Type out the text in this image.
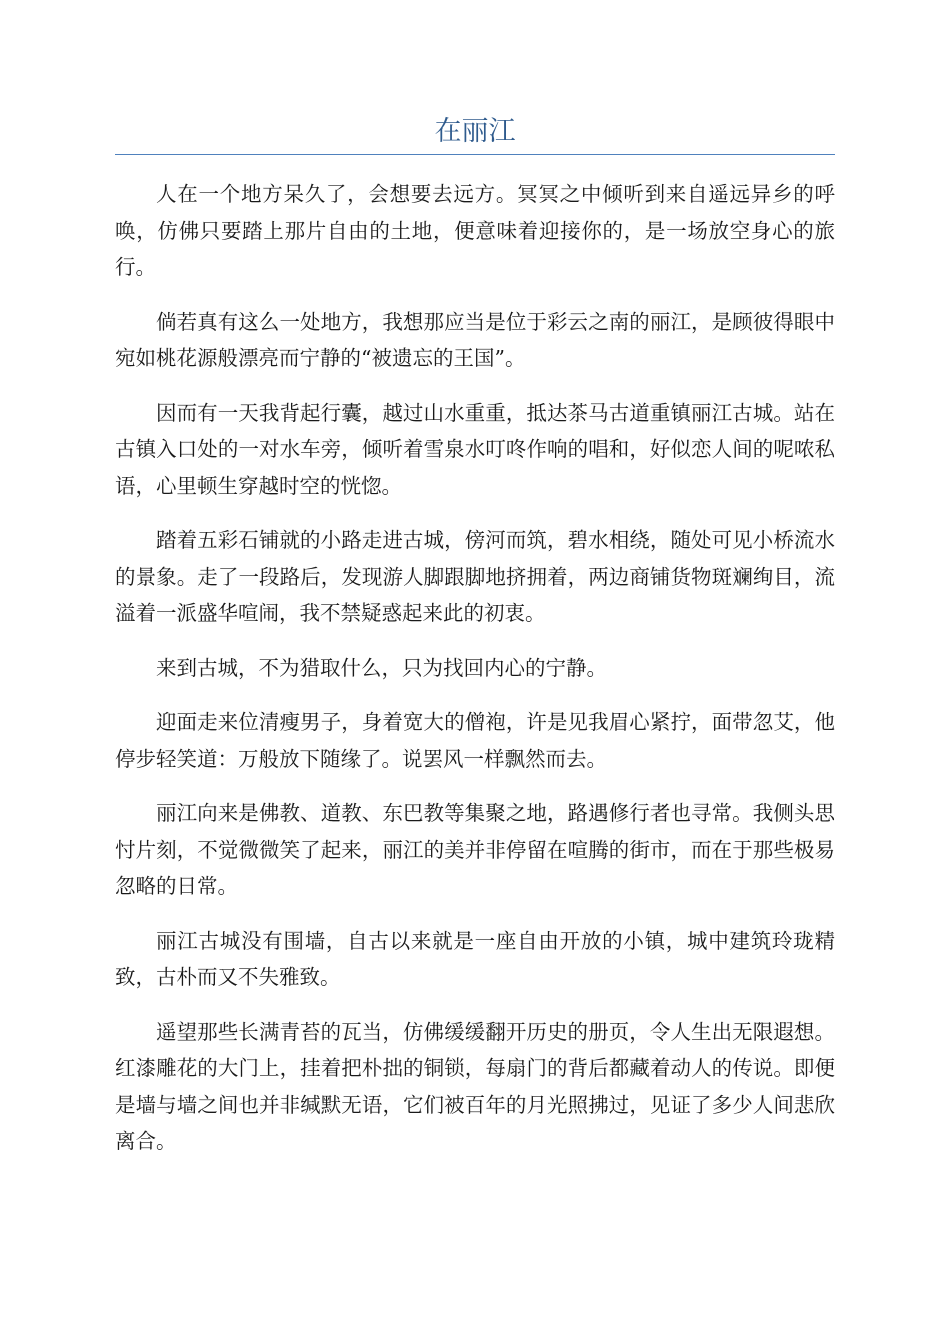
在丽江

人在一个地方呆久了，会想要去远方。冥冥之中倾听到来自遥远异乡的呼唤，仿佛只要踏上那片自由的土地，便意味着迎接你的，是一场放空身心的旅行。

倘若真有这么一处地方，我想那应当是位于彩云之南的丽江，是顾彼得眼中宛如桃花源般漂亮而宁静的“被遗忘的王国”。

因而有一天我背起行囊，越过山水重重，抵达茶马古道重镇丽江古城。站在古镇入口处的一对水车旁，倾听着雪泉水叮咚作响的唱和，好似恋人间的呢哝私语，心里顿生穿越时空的恍惚。

踏着五彩石铺就的小路走进古城，傍河而筑，碧水相绕，随处可见小桥流水的景象。走了一段路后，发现游人脚跟脚地挤拥着，两边商铺货物斑斓绚目，流溢着一派盛华喧闹，我不禁疑惑起来此的初衷。

来到古城，不为猎取什么，只为找回内心的宁静。

迎面走来位清瘦男子，身着宽大的僧袍，许是见我眉心紧拧，面带忽艾，他停步轻笑道：万般放下随缘了。说罢风一样飘然而去。

丽江向来是佛教、道教、东巴教等集聚之地，路遇修行者也寻常。我侧头思忖片刻，不觉微微笑了起来，丽江的美并非停留在喧腾的街市，而在于那些极易忽略的日常。

丽江古城没有围墙，自古以来就是一座自由开放的小镇，城中建筑玲珑精致，古朴而又不失雅致。

遥望那些长满青苔的瓦当，仿佛缓缓翻开历史的册页，令人生出无限遐想。红漆雕花的大门上，挂着把朴拙的铜锁，每扇门的背后都藏着动人的传说。即便是墙与墙之间也并非缄默无语，它们被百年的月光照拂过，见证了多少人间悲欣离合。
